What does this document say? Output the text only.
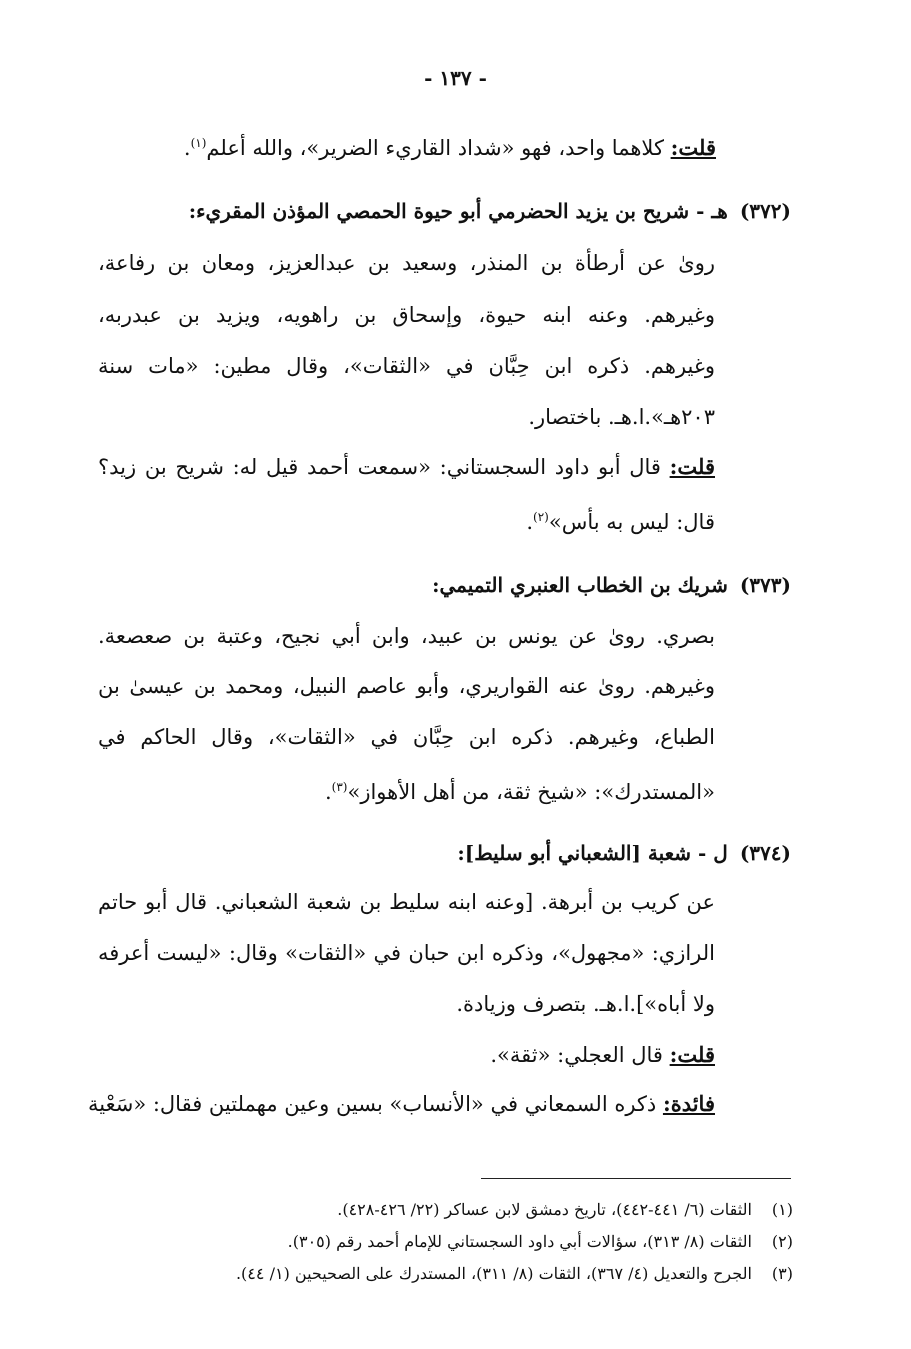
- ١٣٧ -
قلت: كلاهما واحد، فهو «شداد القاريء الضرير»، والله أعلم$^{(١)}$.
(٣٧٢)هـ - شريح بن يزيد الحضرمي أبو حيوة الحمصي المؤذن المقريء:
روىٰ عن أرطأة بن المنذر، وسعيد بن عبدالعزيز، ومعان بن رفاعة،
وغيرهم. وعنه ابنه حيوة، وإسحاق بن راهويه، ويزيد بن عبدربه،
وغيرهم. ذكره ابن حِبَّان في «الثقات»، وقال مطين: «مات سنة
٢٠٣هـ».ا.هـ. باختصار.
قلت: قال أبو داود السجستاني: «سمعت أحمد قيل له: شريح بن زيد؟
قال: ليس به بأس»$^{(٢)}$.
(٣٧٣)شريك بن الخطاب العنبري التميمي:
بصري. روىٰ عن يونس بن عبيد، وابن أبي نجيح، وعتبة بن صعصعة.
وغيرهم. روىٰ عنه القواريري، وأبو عاصم النبيل، ومحمد بن عيسىٰ بن
الطباع، وغيرهم. ذكره ابن حِبَّان في «الثقات»، وقال الحاكم في
«المستدرك»: «شيخ ثقة، من أهل الأهواز»$^{(٣)}$.
(٣٧٤)ل - شعبة [الشعباني أبو سليط]:
عن كريب بن أبرهة. [وعنه ابنه سليط بن شعبة الشعباني. قال أبو حاتم
الرازي: «مجهول»، وذكره ابن حبان في «الثقات» وقال: «ليست أعرفه
ولا أباه»].ا.هـ. بتصرف وزيادة.
قلت: قال العجلي: «ثقة».
فائدة: ذكره السمعاني في «الأنساب» بسين وعين مهملتين فقال: «سَعْية
(١)الثقات (٦/ ٤٤١-٤٤٢)، تاريخ دمشق لابن عساكر (٢٢/ ٤٢٦-٤٢٨).
(٢)الثقات (٨/ ٣١٣)، سؤالات أبي داود السجستاني للإمام أحمد رقم (٣٠٥).
(٣)الجرح والتعديل (٤/ ٣٦٧)، الثقات (٨/ ٣١١)، المستدرك على الصحيحين (١/ ٤٤).
